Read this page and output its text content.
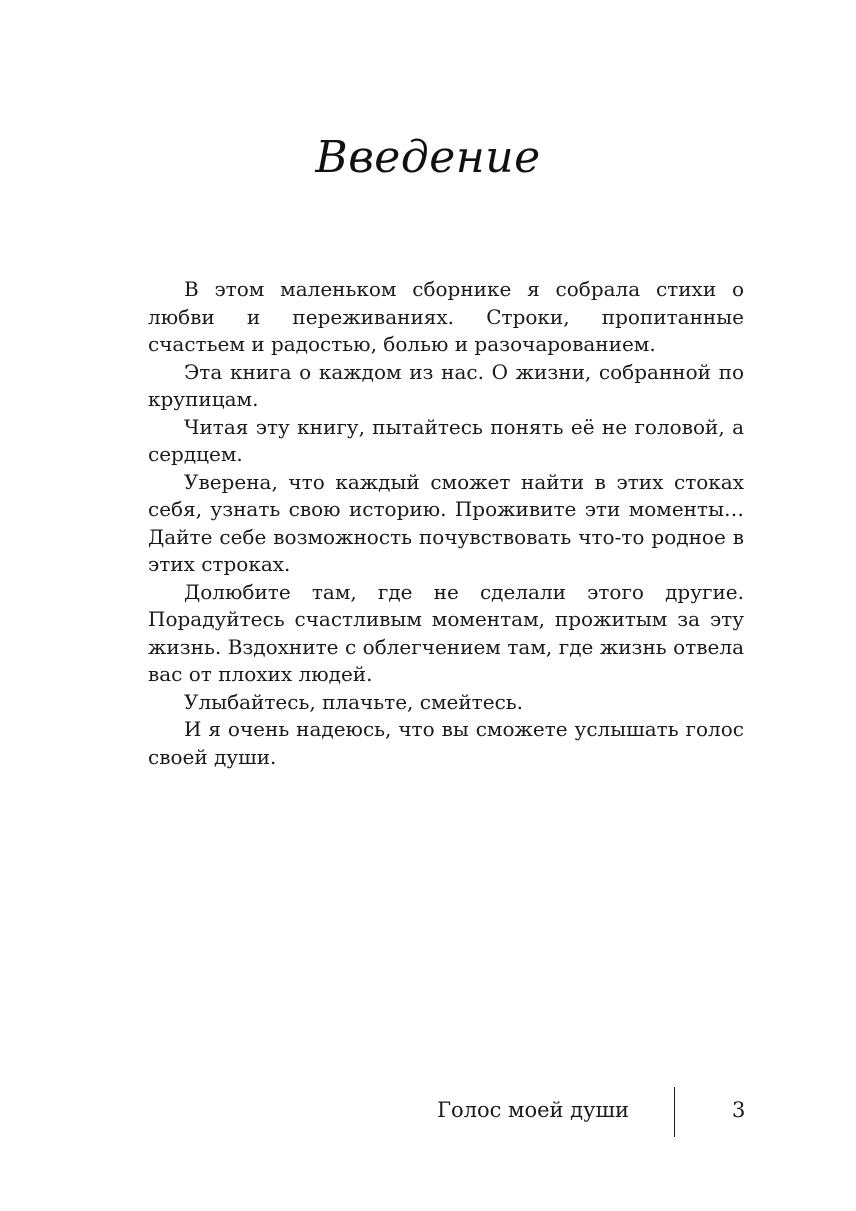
Введение

В этом маленьком сборнике я собрала стихи о любви и переживаниях. Строки, пропитанные счастьем и радостью, болью и разочарованием.

Эта книга о каждом из нас. О жизни, собранной по крупицам.

Читая эту книгу, пытайтесь понять её не головой, а сердцем.

Уверена, что каждый сможет найти в этих стоках себя, узнать свою историю. Проживите эти моменты… Дайте себе возможность почувствовать что-то родное в этих строках.

Долюбите там, где не сделали этого другие. Порадуйтесь счастливым моментам, прожитым за эту жизнь. Вздохните с облегчением там, где жизнь отвела вас от плохих людей.

Улыбайтесь, плачьте, смейтесь.

И я очень надеюсь, что вы сможете услышать голос своей души.

Голос моей души	3
